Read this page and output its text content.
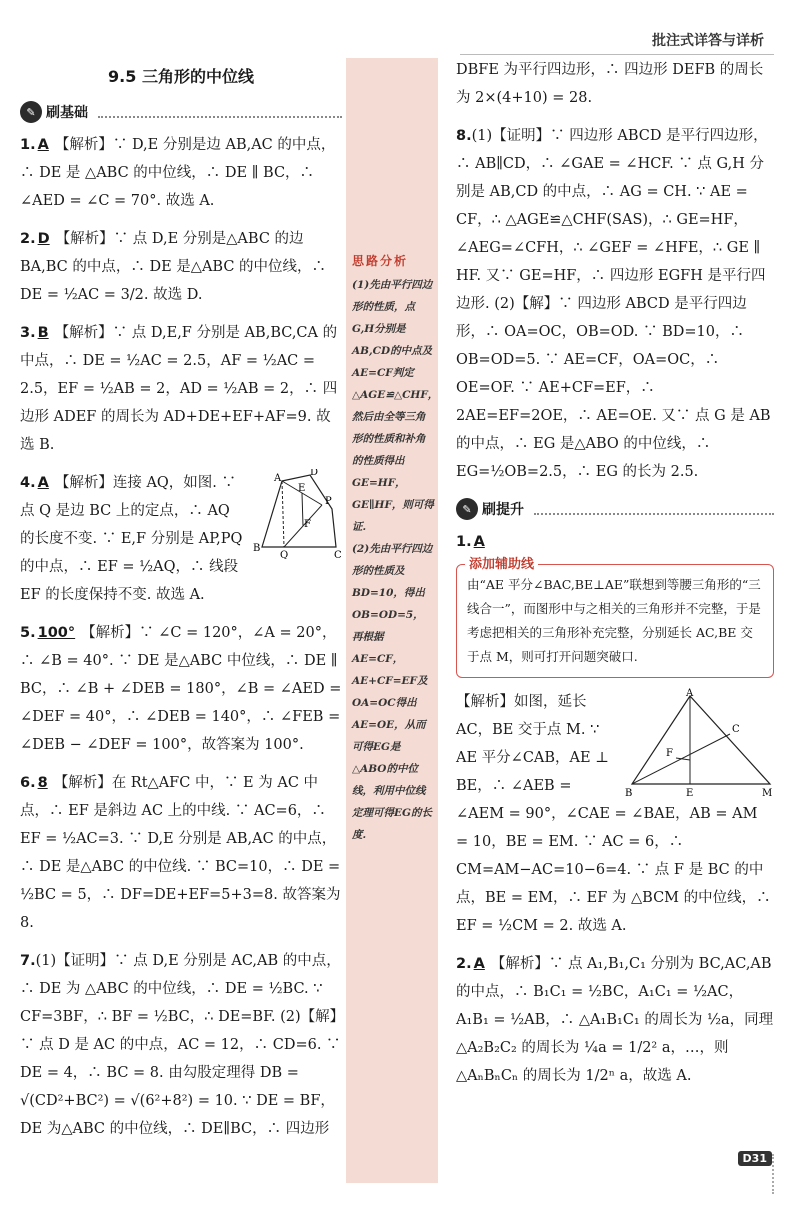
批注式详答与详析
思路分析

(1)先由平行四边形的性质，点G,H分别是AB,CD的中点及AE=CF判定△AGE≌△CHF，然后由全等三角形的性质和补角的性质得出GE=HF，GE∥HF，则可得证.

(2)先由平行四边形的性质及BD=10，得出OB=OD=5，再根据AE=CF，AE+CF=EF及OA=OC得出AE=OE，从而可得EG是△ABO的中位线，利用中位线定理可得EG的长度.

9.5 三角形的中位线
✎ 刷基础
1. A 【解析】∵ D,E 分别是边 AB,AC 的中点，∴ DE 是 △ABC 的中位线，∴ DE ∥ BC，∴ ∠AED = ∠C = 70°. 故选 A.
2. D 【解析】∵ 点 D,E 分别是△ABC 的边 BA,BC 的中点，∴ DE 是△ABC 的中位线，∴ DE = ½AC = 3/2. 故选 D.
3. B 【解析】∵ 点 D,E,F 分别是 AB,BC,CA 的中点，∴ DE = ½AC = 2.5，AF = ½AC = 2.5，EF = ½AB = 2，AD = ½AB = 2，∴ 四边形 ADEF 的周长为 AD+DE+EF+AF=9. 故选 B.
A
D
E
P
F
B
Q	C
4. A 【解析】连接 AQ，如图. ∵ 点 Q 是边 BC 上的定点，∴ AQ 的长度不变. ∵ E,F 分别是 AP,PQ 的中点，∴ EF = ½AQ，∴ 线段 EF 的长度保持不变. 故选 A.
5. 100° 【解析】∵ ∠C = 120°，∠A = 20°，∴ ∠B = 40°. ∵ DE 是△ABC 中位线，∴ DE ∥ BC，∴ ∠B + ∠DEB = 180°，∠B = ∠AED = ∠DEF = 40°，∴ ∠DEB = 140°，∴ ∠FEB = ∠DEB − ∠DEF = 100°，故答案为 100°.
6. 8 【解析】在 Rt△AFC 中，∵ E 为 AC 中点，∴ EF 是斜边 AC 上的中线. ∵ AC=6，∴ EF = ½AC=3. ∵ D,E 分别是 AB,AC 的中点，∴ DE 是△ABC 的中位线. ∵ BC=10，∴ DE = ½BC = 5，∴ DF=DE+EF=5+3=8. 故答案为 8.
7.(1)【证明】∵ 点 D,E 分别是 AC,AB 的中点，∴ DE 为 △ABC 的中位线，∴ DE = ½BC. ∵ CF=3BF，∴ BF = ½BC，∴ DE=BF. (2)【解】∵ 点 D 是 AC 的中点，AC = 12，∴ CD=6. ∵ DE = 4，∴ BC = 8. 由勾股定理得 DB = √(CD²+BC²) = √(6²+8²) = 10. ∵ DE = BF，DE 为△ABC 的中位线，∴ DE∥BC，∴ 四边形
DBFE 为平行四边形，∴ 四边形 DEFB 的周长为 2×(4+10) = 28.
8.(1)【证明】∵ 四边形 ABCD 是平行四边形，∴ AB∥CD，∴ ∠GAE = ∠HCF. ∵ 点 G,H 分别是 AB,CD 的中点，∴ AG = CH. ∵ AE = CF，∴ △AGE≌△CHF(SAS)，∴ GE=HF，∠AEG=∠CFH，∴ ∠GEF = ∠HFE，∴ GE ∥ HF. 又∵ GE=HF，∴ 四边形 EGFH 是平行四边形. (2)【解】∵ 四边形 ABCD 是平行四边形，∴ OA=OC，OB=OD. ∵ BD=10，∴ OB=OD=5. ∵ AE=CF，OA=OC，∴ OE=OF. ∵ AE+CF=EF，∴ 2AE=EF=2OE，∴ AE=OE. 又∵ 点 G 是 AB 的中点，∴ EG 是△ABO 的中位线，∴ EG=½OB=2.5，∴ EG 的长为 2.5.
✎ 刷提升
1. A
添加辅助线
由“AE 平分∠BAC,BE⊥AE”联想到等腰三角形的“三线合一”，而图形中与之相关的三角形并不完整，于是考虑把相关的三角形补充完整，分别延长 AC,BE 交于点 M，则可打开问题突破口.
A
C
F
B	E	M
【解析】如图，延长 AC，BE 交于点 M. ∵ AE 平分∠CAB，AE ⊥ BE，∴ ∠AEB = ∠AEM = 90°，∠CAE = ∠BAE，AB = AM = 10，BE = EM. ∵ AC = 6，∴ CM=AM−AC=10−6=4. ∵ 点 F 是 BC 的中点，BE = EM，∴ EF 为 △BCM 的中位线，∴ EF = ½CM = 2. 故选 A.
2. A 【解析】∵ 点 A₁,B₁,C₁ 分别为 BC,AC,AB 的中点，∴ B₁C₁ = ½BC，A₁C₁ = ½AC，A₁B₁ = ½AB，∴ △A₁B₁C₁ 的周长为 ½a，同理△A₂B₂C₂ 的周长为 ¼a = 1/2² a，…，则△AₙBₙCₙ 的周长为 1/2ⁿ a，故选 A.
D31
